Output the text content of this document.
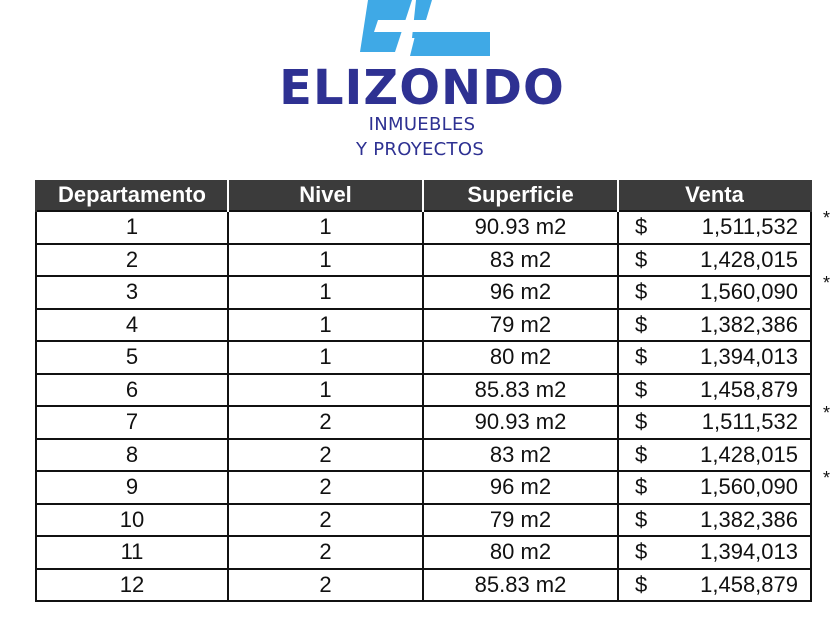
ELIZONDO
INMUEBLES
Y PROYECTOS
Departamento	Nivel	Superficie	Venta
1	1	90.93 m2	$ 1,511,532 *

2	1	83 m2	$ 1,428,015

3	1	96 m2	$ 1,560,090 *

4	1	79 m2	$ 1,382,386

5	1	80 m2	$ 1,394,013

6	1	85.83 m2	$ 1,458,879

7	2	90.93 m2	$ 1,511,532 *

8	2	83 m2	$ 1,428,015

9	2	96 m2	$ 1,560,090 *

10	2	79 m2	$ 1,382,386

11	2	80 m2	$ 1,394,013

12	2	85.83 m2	$ 1,458,879
